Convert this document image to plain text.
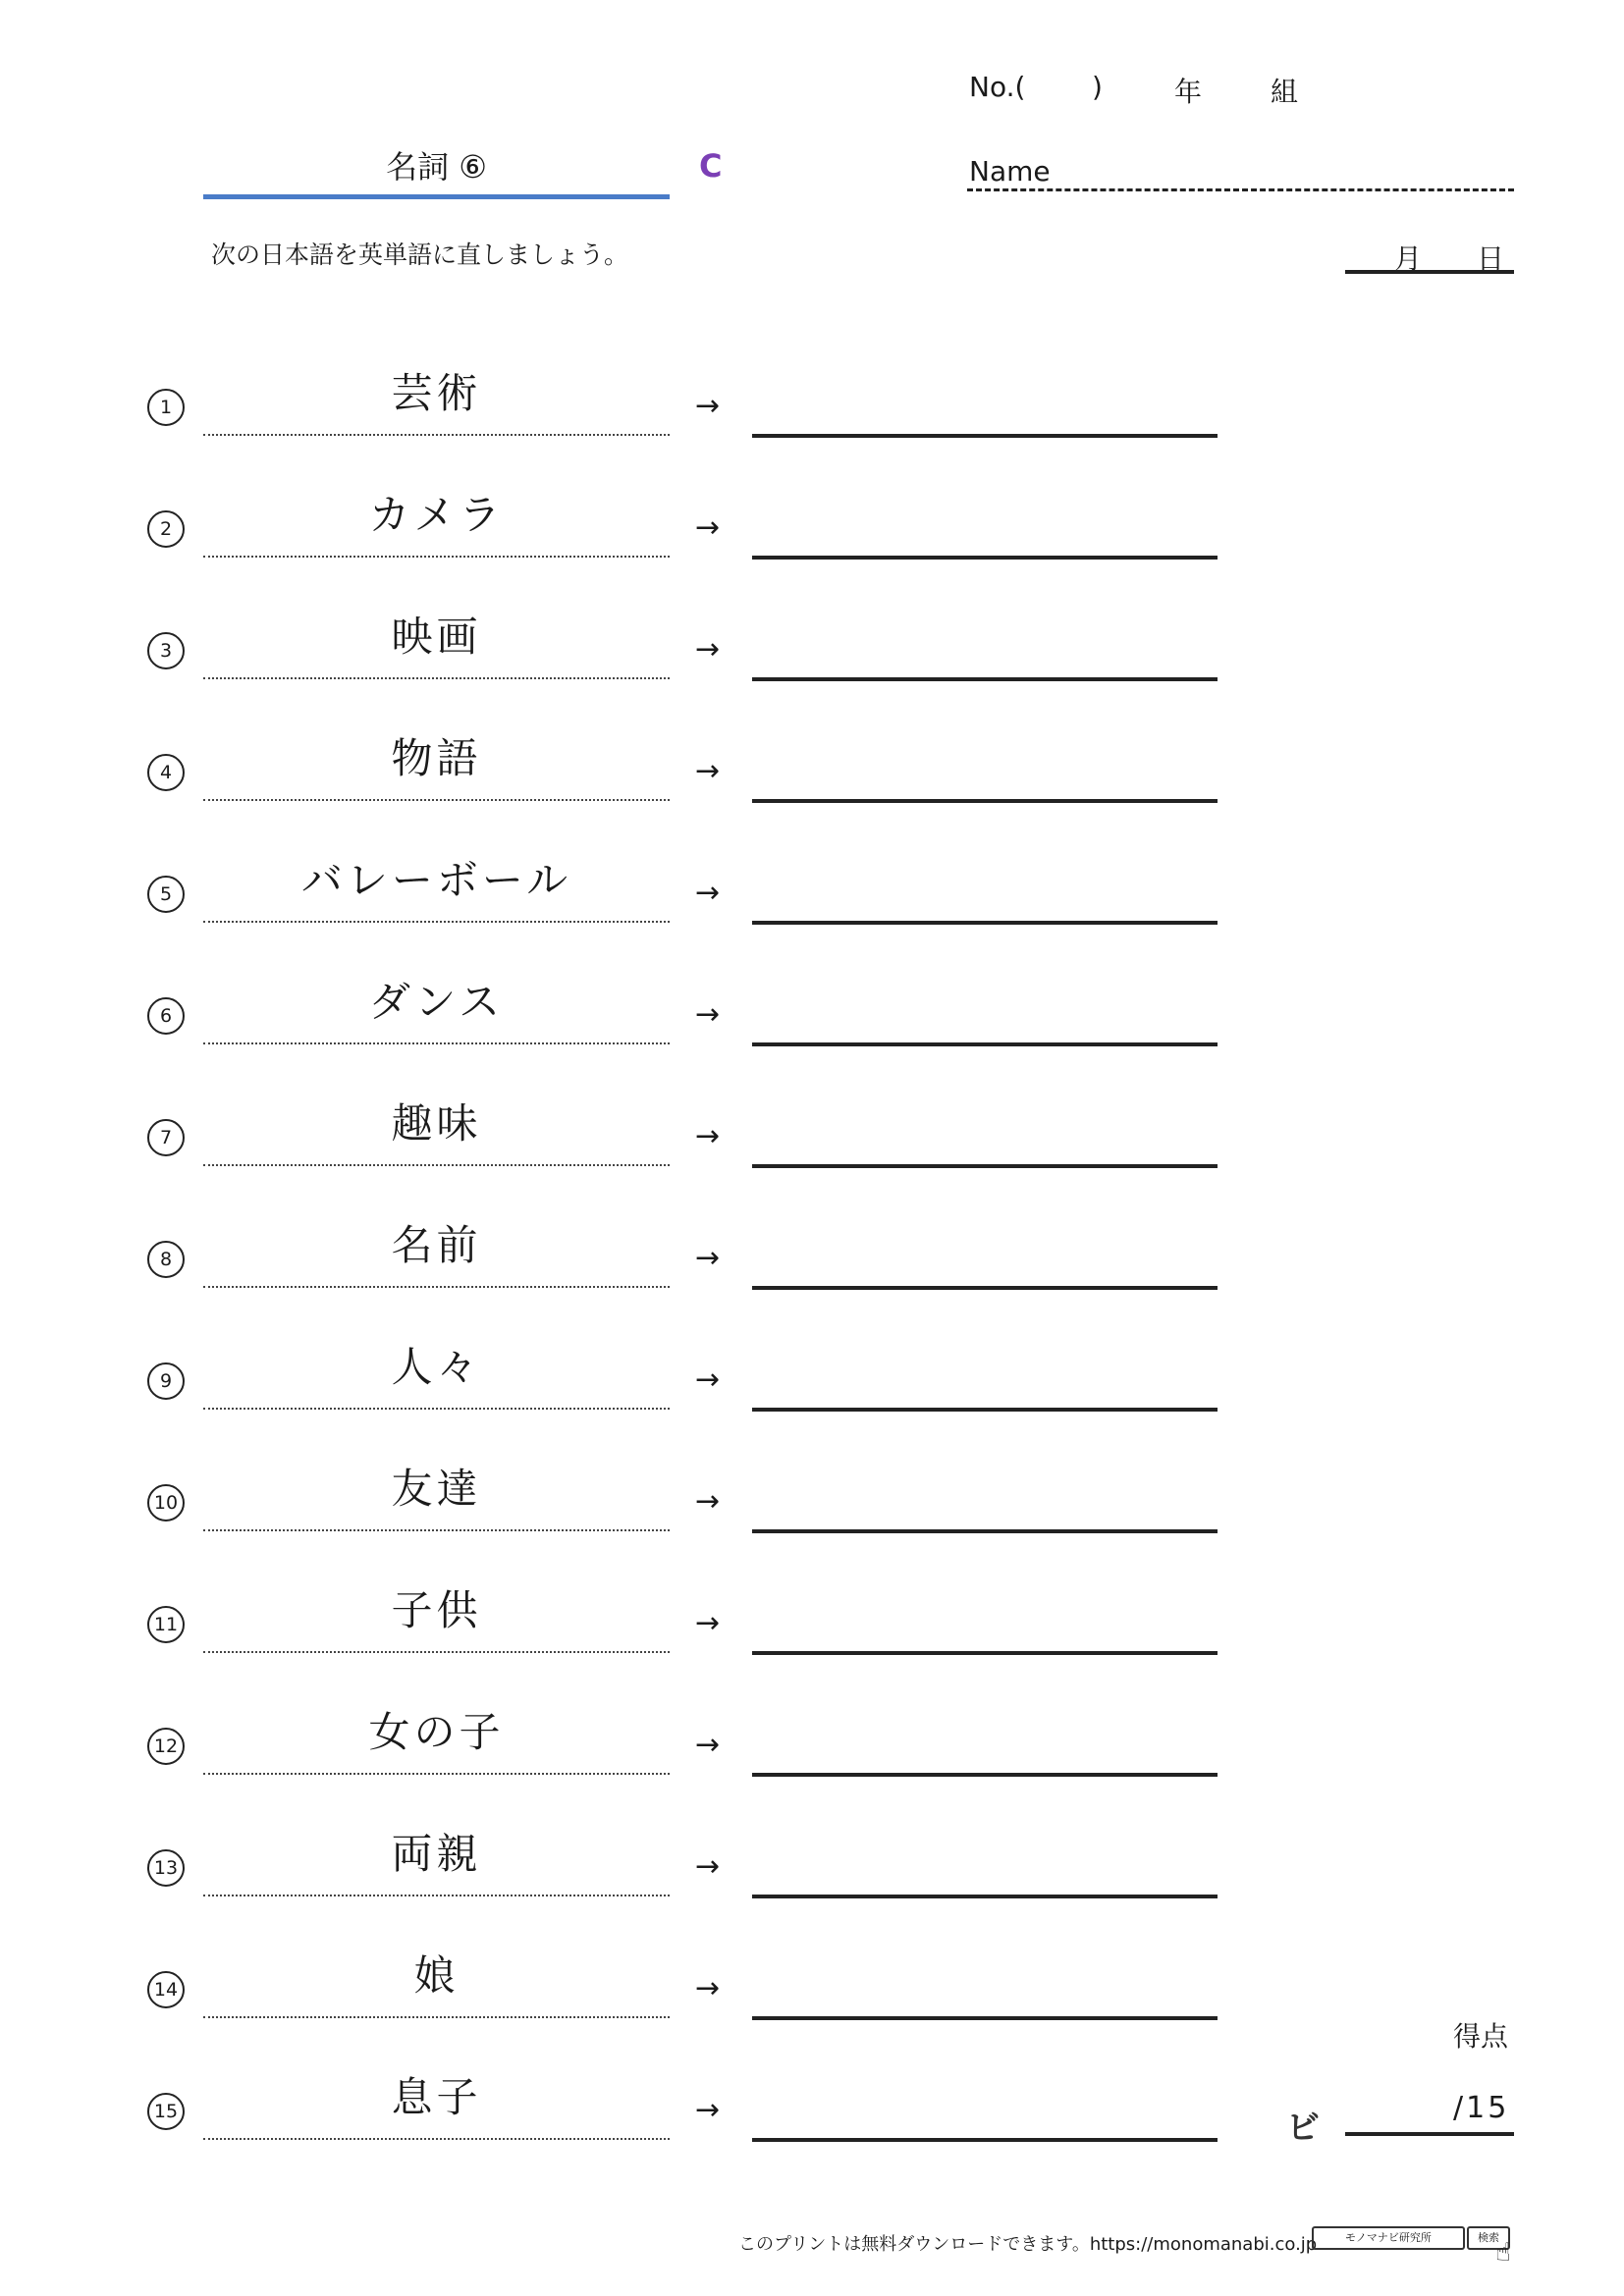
No.( )	年 組
名詞 ⑥	C	Name
次の日本語を英単語に直しましょう。	月 日
1	芸術	→
2	カメラ	→
3	映画	→
4	物語	→
5	バレーボール	→
6	ダンス	→
7	趣味	→
8	名前	→
9	人々	→
10	友達	→
11	子供	→
12	女の子	→
13	両親	→
14	娘	→
15	息子	→
得点
ビ
/15
このプリントは無料ダウンロードできます。https://monomanabi.co.jp	モノマナビ研究所	検索
☝
